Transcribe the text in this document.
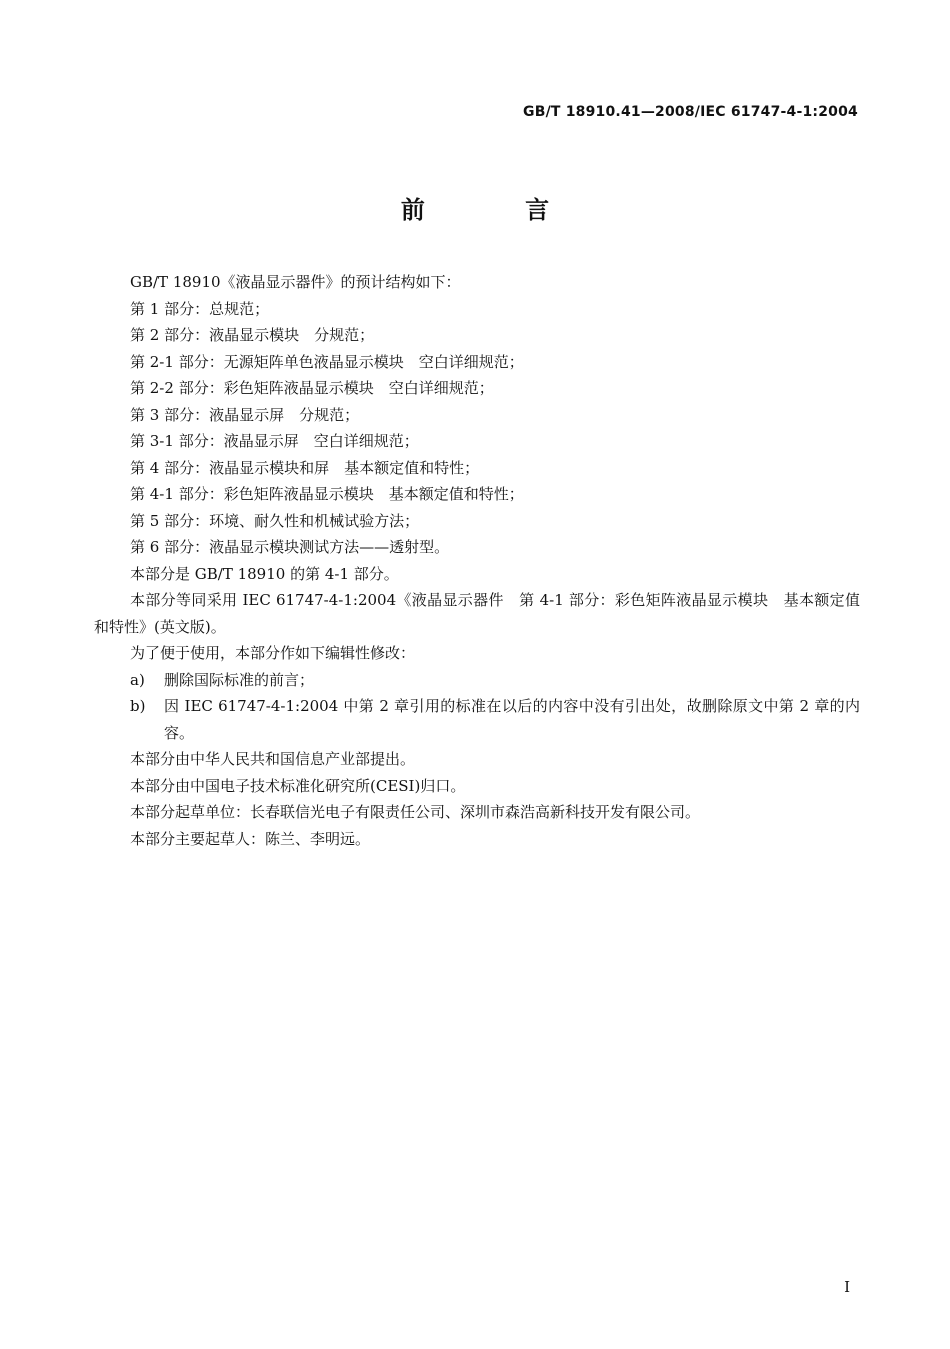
GB/T 18910.41—2008/IEC 61747-4-1:2004
前 言

GB/T 18910《液晶显示器件》的预计结构如下：

第 1 部分：总规范；

第 2 部分：液晶显示模块　分规范；

第 2-1 部分：无源矩阵单色液晶显示模块　空白详细规范；

第 2-2 部分：彩色矩阵液晶显示模块　空白详细规范；

第 3 部分：液晶显示屏　分规范；

第 3-1 部分：液晶显示屏　空白详细规范；

第 4 部分：液晶显示模块和屏　基本额定值和特性；

第 4-1 部分：彩色矩阵液晶显示模块　基本额定值和特性；

第 5 部分：环境、耐久性和机械试验方法；

第 6 部分：液晶显示模块测试方法——透射型。

本部分是 GB/T 18910 的第 4-1 部分。

本部分等同采用 IEC 61747-4-1:2004《液晶显示器件　第 4-1 部分：彩色矩阵液晶显示模块　基本额定值和特性》(英文版)。

为了便于使用，本部分作如下编辑性修改：

a)	删除国际标准的前言；
b)	因 IEC 61747-4-1:2004 中第 2 章引用的标准在以后的内容中没有引出处，故删除原文中第 2 章的内容。

本部分由中华人民共和国信息产业部提出。

本部分由中国电子技术标准化研究所(CESI)归口。

本部分起草单位：长春联信光电子有限责任公司、深圳市森浩高新科技开发有限公司。

本部分主要起草人：陈兰、李明远。

I
